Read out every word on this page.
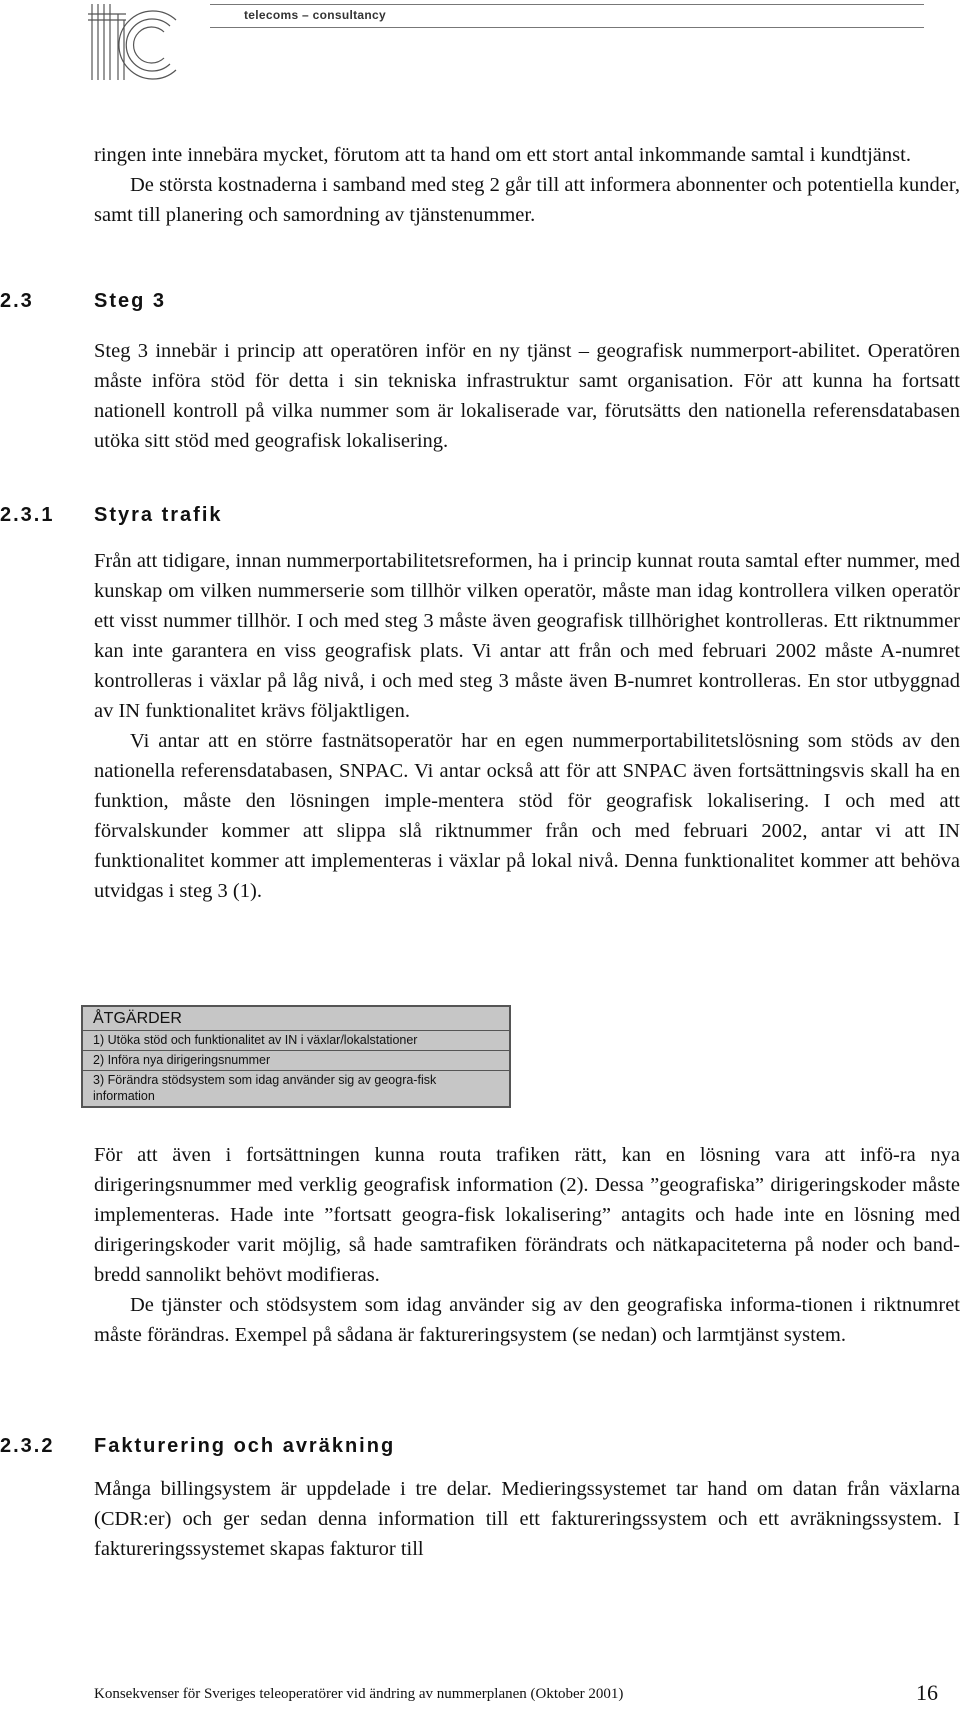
telecoms – consultancy

ringen inte innebära mycket, förutom att ta hand om ett stort antal inkommande samtal i kundtjänst.

De största kostnaderna i samband med steg 2 går till att informera abonnenter och potentiella kunder, samt till planering och samordning av tjänstenummer.

2.3	Steg 3

Steg 3 innebär i princip att operatören inför en ny tjänst – geografisk nummerport-abilitet. Operatören måste införa stöd för detta i sin tekniska infrastruktur samt organisation. För att kunna ha fortsatt nationell kontroll på vilka nummer som är lokaliserade var, förutsätts den nationella referensdatabasen utöka sitt stöd med geografisk lokalisering.

2.3.1 Styra trafik

Från att tidigare, innan nummerportabilitetsreformen, ha i princip kunnat routa samtal efter nummer, med kunskap om vilken nummerserie som tillhör vilken operatör, måste man idag kontrollera vilken operatör ett visst nummer tillhör. I och med steg 3 måste även geografisk tillhörighet kontrolleras. Ett riktnummer kan inte garantera en viss geografisk plats. Vi antar att från och med februari 2002 måste A-numret kontrolleras i växlar på låg nivå, i och med steg 3 måste även B-numret kontrolleras. En stor utbyggnad av IN funktionalitet krävs följaktligen.

Vi antar att en större fastnätsoperatör har en egen nummerportabilitetslösning som stöds av den nationella referensdatabasen, SNPAC. Vi antar också att för att SNPAC även fortsättningsvis skall ha en funktion, måste den lösningen imple-mentera stöd för geografisk lokalisering. I och med att förvalskunder kommer att slippa slå riktnummer från och med februari 2002, antar vi att IN funktionalitet kommer att implementeras i växlar på lokal nivå. Denna funktionalitet kommer att behöva utvidgas i steg 3 (1).

ÅTGÄRDER
1) Utöka stöd och funktionalitet av IN i växlar/lokalstationer
2) Införa nya dirigeringsnummer
3) Förändra stödsystem som idag använder sig av geogra-fisk information

För att även i fortsättningen kunna routa trafiken rätt, kan en lösning vara att infö-ra nya dirigeringsnummer med verklig geografisk information (2). Dessa ”geografiska” dirigeringskoder måste implementeras. Hade inte ”fortsatt geogra-fisk lokalisering” antagits och hade inte en lösning med dirigeringskoder varit möjlig, så hade samtrafiken förändrats och nätkapaciteterna på noder och band-bredd sannolikt behövt modifieras.

De tjänster och stödsystem som idag använder sig av den geografiska informa-tionen i riktnumret måste förändras. Exempel på sådana är faktureringsystem (se nedan) och larmtjänst system.

2.3.2 Fakturering och avräkning

Många billingsystem är uppdelade i tre delar. Medieringssystemet tar hand om datan från växlarna (CDR:er) och ger sedan denna information till ett faktureringssystem och ett avräkningssystem. I faktureringssystemet skapas fakturor till

Konsekvenser för Sveriges teleoperatörer vid ändring av nummerplanen (Oktober 2001)	16
